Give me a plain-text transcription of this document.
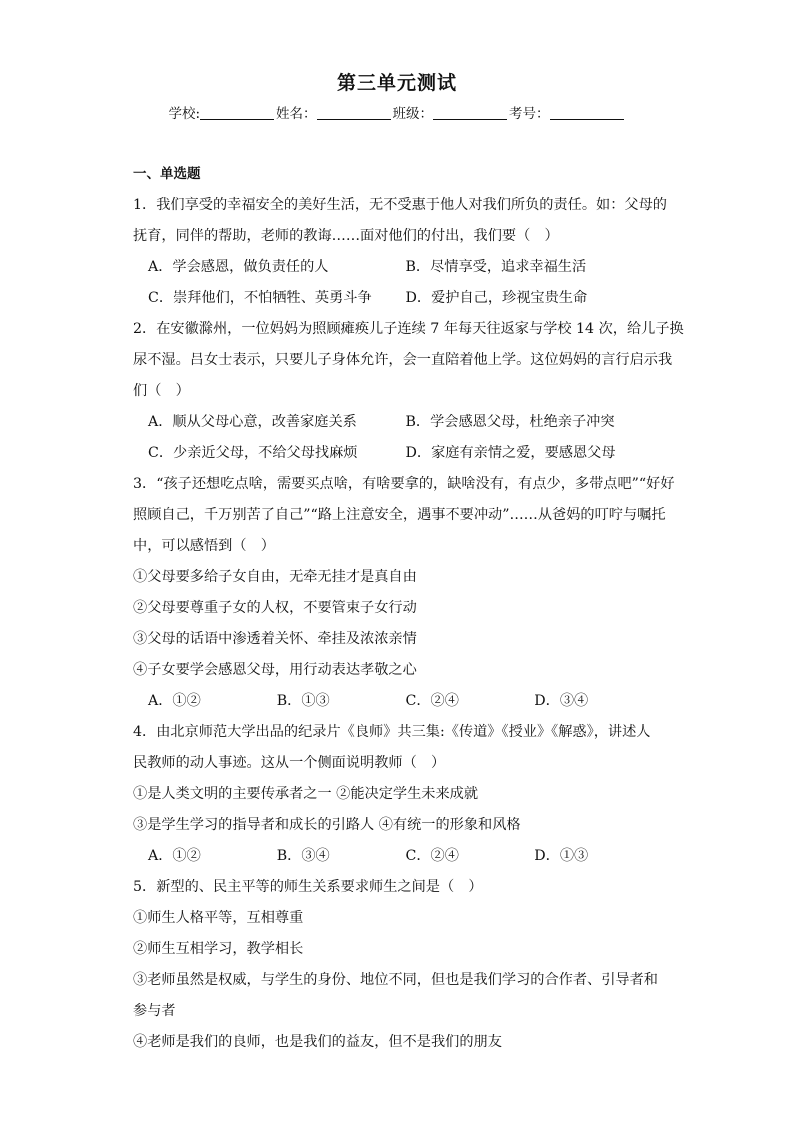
第三单元测试
学校:	姓名：	班级：	考号：
一、单选题
1．我们享受的幸福安全的美好生活，无不受惠于他人对我们所负的责任。如：父母的
抚育，同伴的帮助，老师的教诲……面对他们的付出，我们要（　）
A．学会感恩，做负责任的人	B．尽情享受，追求幸福生活
C．崇拜他们，不怕牺牲、英勇斗争	D．爱护自己，珍视宝贵生命
2．在安徽滁州，一位妈妈为照顾瘫痪儿子连续 7 年每天往返家与学校 14 次，给儿子换
尿不湿。吕女士表示，只要儿子身体允许，会一直陪着他上学。这位妈妈的言行启示我
们（　）
A．顺从父母心意，改善家庭关系	B．学会感恩父母，杜绝亲子冲突
C．少亲近父母，不给父母找麻烦	D．家庭有亲情之爱，要感恩父母
3．“孩子还想吃点啥，需要买点啥，有啥要拿的，缺啥没有，有点少，多带点吧”“好好
照顾自己，千万别苦了自己”“路上注意安全，遇事不要冲动”……从爸妈的叮咛与嘱托
中，可以感悟到（　）
①父母要多给子女自由，无牵无挂才是真自由
②父母要尊重子女的人权，不要管束子女行动
③父母的话语中渗透着关怀、牵挂及浓浓亲情
④子女要学会感恩父母，用行动表达孝敬之心
A．①②	B．①③	C．②④	D．③④
4．由北京师范大学出品的纪录片《良师》共三集:《传道》《授业》《解惑》，讲述人
民教师的动人事迹。这从一个侧面说明教师（　）
①是人类文明的主要传承者之一 ②能决定学生未来成就
③是学生学习的指导者和成长的引路人 ④有统一的形象和风格
A．①②	B．③④	C．②④	D．①③
5．新型的、民主平等的师生关系要求师生之间是（　）
①师生人格平等，互相尊重
②师生互相学习，教学相长
③老师虽然是权威，与学生的身份、地位不同，但也是我们学习的合作者、引导者和
参与者
④老师是我们的良师，也是我们的益友，但不是我们的朋友
